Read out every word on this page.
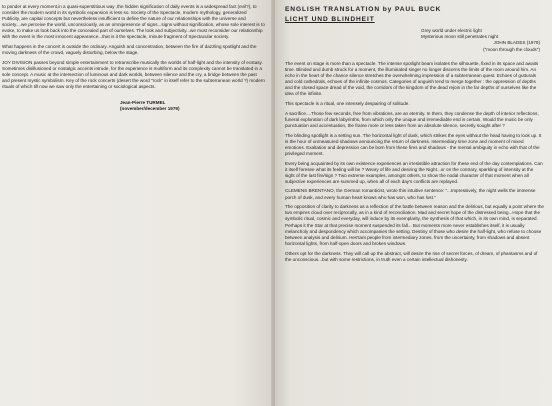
to ponder at every moment,in a quasi-superstitious way ,the hidden signification of daily events is a widespread fact (evil?), to consider the modern world in its symbolic expansion is less so. Society of the Spectacle, modern mythology, generalized Publicity, are capital concepts but nevertheless insufficient to define the nature of our relationships with the universe and society....we perceive the world, unconsciously, as an omnipresence of signs...signs without signification, whose sole interest is to evoke, to make us look back into the concealed part of ourselves. The look and subjectivity...we must reconsider our relationship with the event in the most innocent appearance...that is it the spectacle, minute fragment of Spectacular society.

What happens in the concert is outside the ordinary. Anguish and concentration, between the fire of dazzling spotlight and the moving darkness of the crowd, vaguely disturbing, below the stage.

JOY DIVISION passes beyond simple entertainment to retranscribe musically the worlds of half-light and the intensity of ecstasy. Sometimes disillusioned or nostalgic accents intrude, for the experience is multiform and its complexity cannot be translated in a sole concept. A music at the intersection of luminous and dark worlds, between silence and the cry, a bridge between the past and present mystic symbolism. Key of the rock concerts (desert the word "rock" in itself refer to the subterranean world ?) modern rituals of which till now we saw only the entertaining or sociological aspects.

Jean-Pierre TURMEL
(november/december 1979)
ENGLISH TRANSLATION by PAUL BUCK
LICHT UND BLINDHEIT
Grey world under electric light
Mysterious moon still penetrates night
JOHN BLADES (1979)
("moon through the clouds")

The event on stage is more than a spectacle. The intense spotlight beam isolates the silhouette, fixed in its space and awaits time. Blinded and dumb struck for a moment, the illuminated singer no longer discerns the limits of the room around him. An echo in the heart of the chance silence stretches the overwhelming impression of a subterranean quest. Echoes of gutturals and cold cathedrals, echoes of the infinite cosmos. Categories of anguish tend to merge together : the oppression of depths and the closed space dread of the void, the corridors of the kingdom of the dead rejoin in the far depths of ourselves like the idea of the infinite.

This spectacle is a ritual, one intensely despairing of solitude.

A sacrifice....Those few seconds, free from vibrations, are an eternity. In them, they condense the depth of interior reflections, funeral exploration of dark labyrinths, from which only the unique and irremediable end is certain. Would the music be only punctuation and accentuation, the frame more or less taken from an absolute silence, secretly sought after ?

The blinding spotlight is a setting sun. The horizontal light of dusk, which strikes the eyes without the head having to look up. It is the hour of unmeasured shadows announcing the return of darkness. Intermediary time zone and moment of mixed emotions. Exaltation and depression can be born from these fires and shadows - the mental ambiguity in echo with that of the privileged moment.

Every being acquainted by its own existence experiences an irresistible attraction for these end of the day contemplations. Can it itself foresee what its feeling will be ? Weary of life and desiring the Night...or on the contrary, sparkling of intensity at the sight of the last fire/sign ? Two extreme examples, amongst others, to show the nodal character of that moment when all subjective experiences are summed up, when all of each day's conflicts are replayed.

CLEMENS BRENTANO, the German romanticist, wrote this intuitive sentence: "...Impressively, the night wells the immense porch of dusk, and every human heart knows who has won, who has lost."

The opposition of clarity to darkness as a reflection of the battle between reason and the delirious, but equally a point where the two empires cloud over reciprocally, as in a kind of reconciliation. Mad and secret hope of the distressed being...Hope that the symbolic ritual, cosmic and everyday, will induce by its exemplarity, the synthesis of that which, in its own mind, is separated. Perhaps it the Star at that precise moment suspended its fall... But moments more never establishes itself, it is usually melancholy and despondency which accompanies the setting. Destiny of those who desire the half-light, who refuse to choose between analysis and delirium. Hes'tant people from intermediary zones, from the uncertainty, from shadows and absent horizontal lights, from half-open doors and broken windows.

Others opt for the darkness. They will call up the abstract, will desire the rise of secret forces, of dream, of phantasms and of the unconscious...but with some restrictions, in truth even a certain intellectual dishonesty.
